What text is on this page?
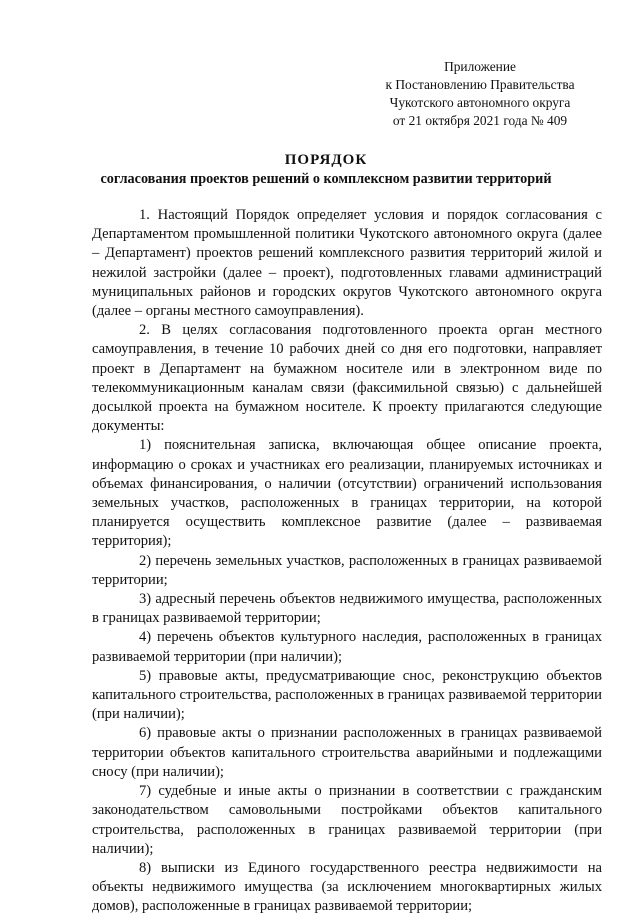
Приложение
к Постановлению Правительства
Чукотского автономного округа
от 21 октября 2021 года № 409
ПОРЯДОК
согласования проектов решений о комплексном развитии территорий

1. Настоящий Порядок определяет условия и порядок согласования с Департаментом промышленной политики Чукотского автономного округа (далее – Департамент) проектов решений комплексного развития территорий жилой и нежилой застройки (далее – проект), подготовленных главами администраций муниципальных районов и городских округов Чукотского автономного округа (далее – органы местного самоуправления).

2. В целях согласования подготовленного проекта орган местного самоуправления, в течение 10 рабочих дней со дня его подготовки, направляет проект в Департамент на бумажном носителе или в электронном виде по телекоммуникационным каналам связи (факсимильной связью) с дальнейшей досылкой проекта на бумажном носителе. К проекту прилагаются следующие документы:

1) пояснительная записка, включающая общее описание проекта, информацию о сроках и участниках его реализации, планируемых источниках и объемах финансирования, о наличии (отсутствии) ограничений использования земельных участков, расположенных в границах территории, на которой планируется осуществить комплексное развитие (далее – развиваемая территория);

2) перечень земельных участков, расположенных в границах развиваемой территории;

3) адресный перечень объектов недвижимого имущества, расположенных в границах развиваемой территории;

4) перечень объектов культурного наследия, расположенных в границах развиваемой территории (при наличии);

5) правовые акты, предусматривающие снос, реконструкцию объектов капитального строительства, расположенных в границах развиваемой территории (при наличии);

6) правовые акты о признании расположенных в границах развиваемой территории объектов капитального строительства аварийными и подлежащими сносу (при наличии);

7) судебные и иные акты о признании в соответствии с гражданским законодательством самовольными постройками объектов капитального строительства, расположенных в границах развиваемой территории (при наличии);

8) выписки из Единого государственного реестра недвижимости на объекты недвижимого имущества (за исключением многоквартирных жилых домов), расположенные в границах развиваемой территории;
